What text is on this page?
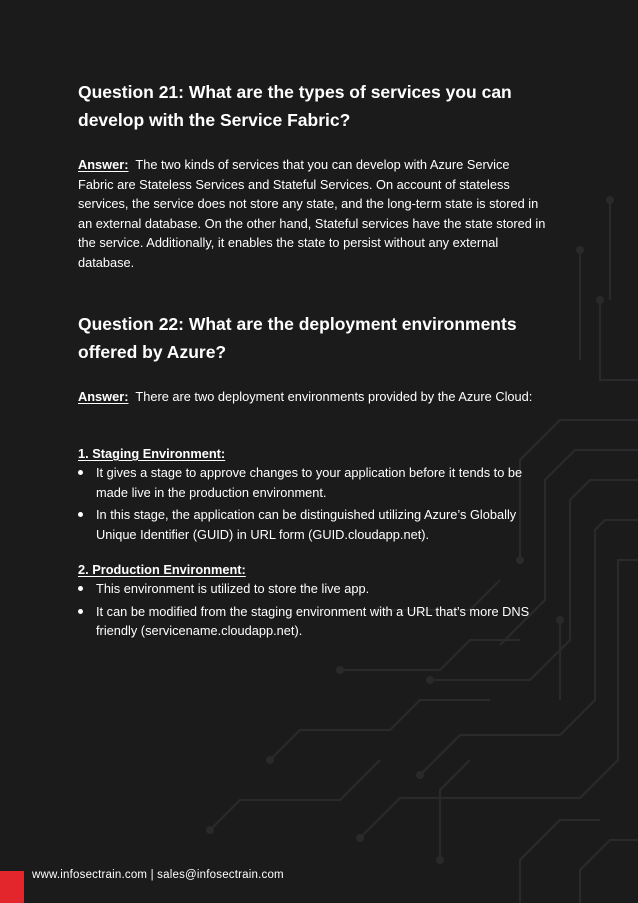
Question 21: What are the types of services you can develop with the Service Fabric?

Answer: The two kinds of services that you can develop with Azure Service Fabric are Stateless Services and Stateful Services. On account of stateless services, the service does not store any state, and the long-term state is stored in an external database. On the other hand, Stateful services have the state stored in the service. Additionally, it enables the state to persist without any external database.

Question 22: What are the deployment environments offered by Azure?

Answer: There are two deployment environments provided by the Azure Cloud:

1. Staging Environment:

It gives a stage to approve changes to your application before it tends to be made live in the production environment.
In this stage, the application can be distinguished utilizing Azure’s Globally Unique Identifier (GUID) in URL form (GUID.cloudapp.net).

2. Production Environment:

This environment is utilized to store the live app.
It can be modified from the staging environment with a URL that’s more DNS friendly (servicename.cloudapp.net).
www.infosectrain.com | sales@infosectrain.com
